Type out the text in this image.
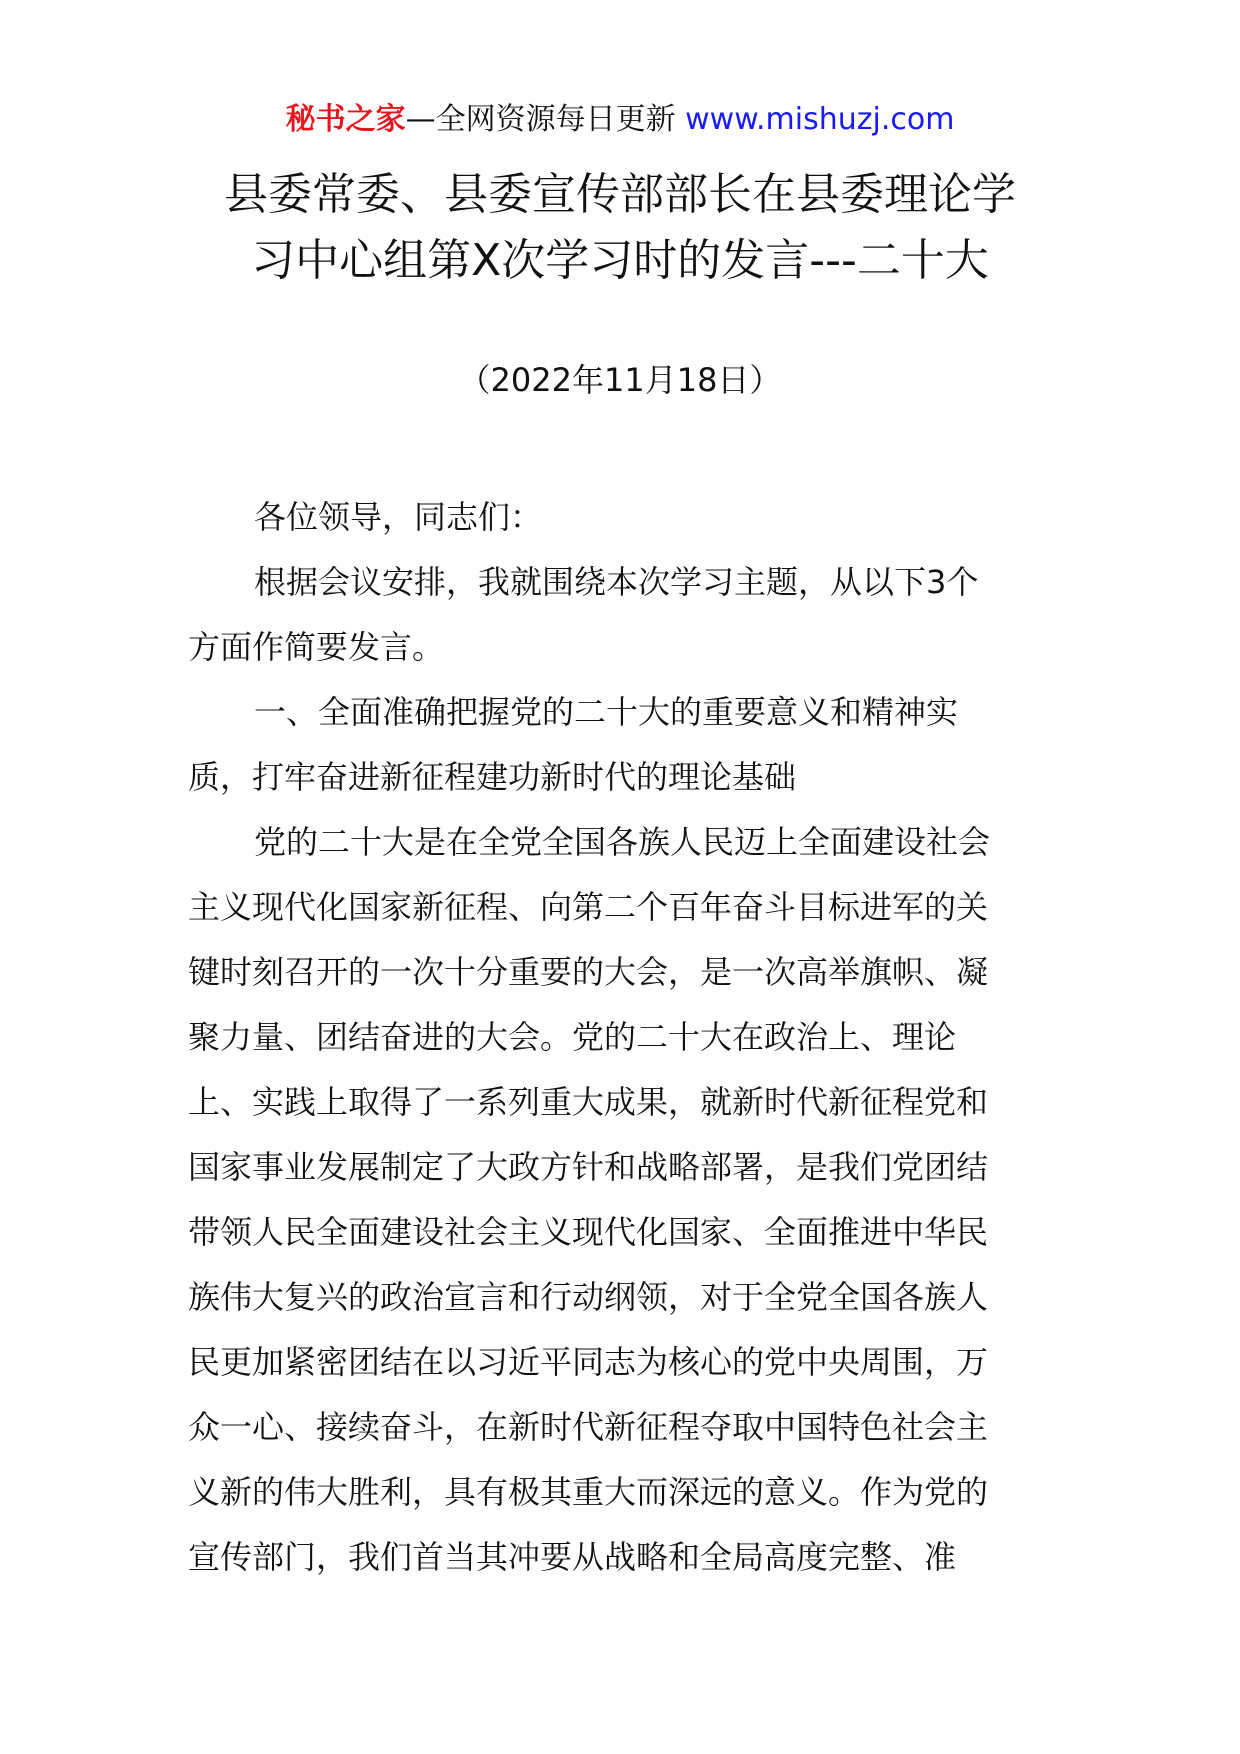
秘书之家—全网资源每日更新 www.mishuzj.com
县委常委、县委宣传部部长在县委理论学
习中心组第Ⅹ次学习时的发言---二十大
（2022年11月18日）
各位领导，同志们：
根据会议安排，我就围绕本次学习主题，从以下3个
方面作简要发言。
一、全面准确把握党的二十大的重要意义和精神实
质，打牢奋进新征程建功新时代的理论基础
党的二十大是在全党全国各族人民迈上全面建设社会
主义现代化国家新征程、向第二个百年奋斗目标进军的关
键时刻召开的一次十分重要的大会，是一次高举旗帜、凝
聚力量、团结奋进的大会。党的二十大在政治上、理论
上、实践上取得了一系列重大成果，就新时代新征程党和
国家事业发展制定了大政方针和战略部署，是我们党团结
带领人民全面建设社会主义现代化国家、全面推进中华民
族伟大复兴的政治宣言和行动纲领，对于全党全国各族人
民更加紧密团结在以习近平同志为核心的党中央周围，万
众一心、接续奋斗，在新时代新征程夺取中国特色社会主
义新的伟大胜利，具有极其重大而深远的意义。作为党的
宣传部门，我们首当其冲要从战略和全局高度完整、准
